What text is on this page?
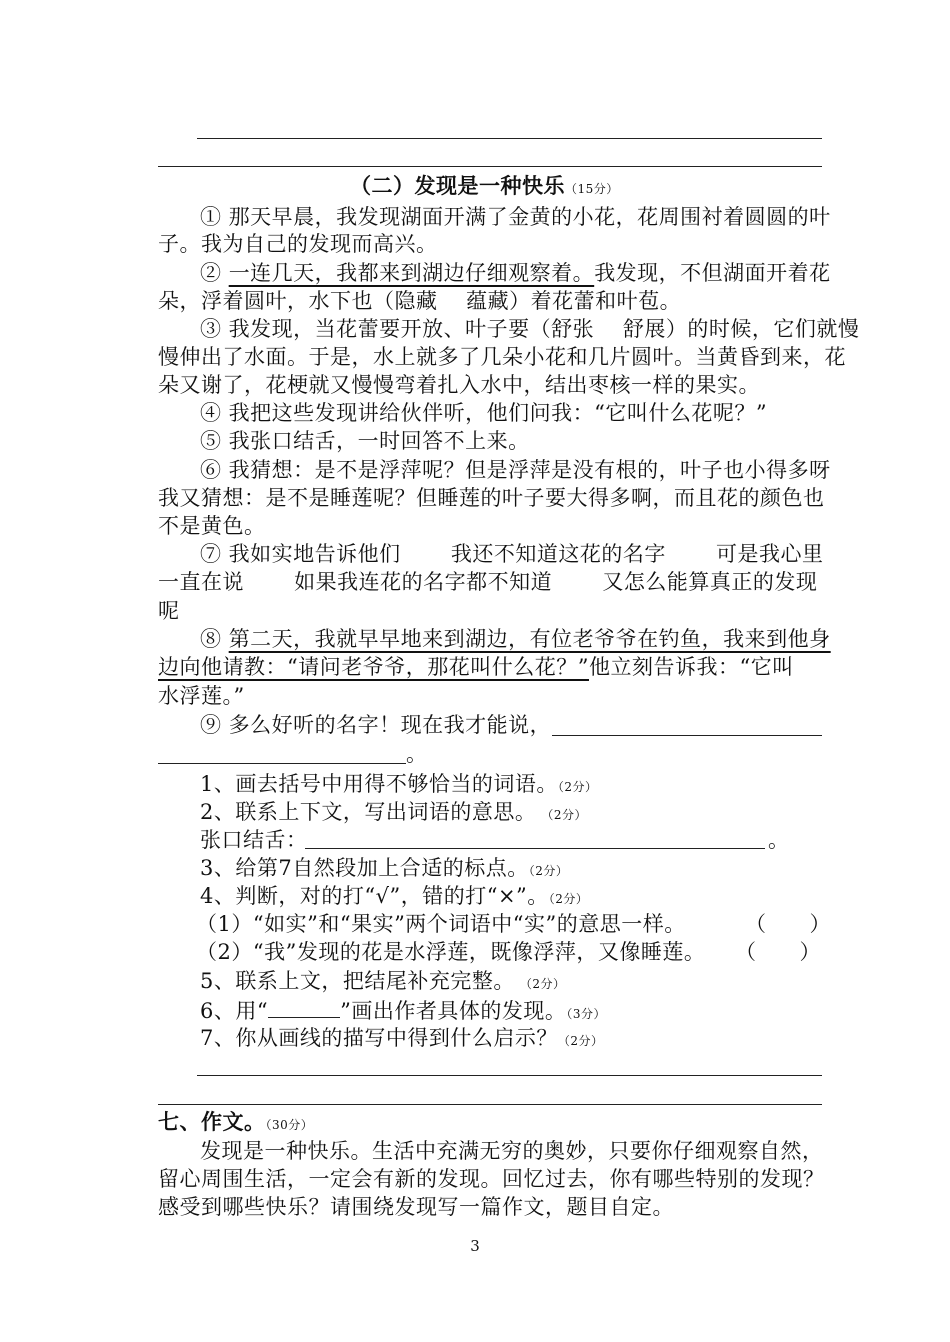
（二）发现是一种快乐（15分）
① 那天早晨，我发现湖面开满了金黄的小花，花周围衬着圆圆的叶
子。我为自己的发现而高兴。
② 一连几天，我都来到湖边仔细观察着。我发现，不但湖面开着花
朵，浮着圆叶，水下也（隐藏　 蕴藏）着花蕾和叶苞。
③ 我发现，当花蕾要开放、叶子要（舒张　 舒展）的时候，它们就慢
慢伸出了水面。于是，水上就多了几朵小花和几片圆叶。当黄昏到来，花
朵又谢了，花梗就又慢慢弯着扎入水中，结出枣核一样的果实。
④ 我把这些发现讲给伙伴听，他们问我：“它叫什么花呢？”
⑤ 我张口结舌，一时回答不上来。
⑥ 我猜想：是不是浮萍呢？但是浮萍是没有根的，叶子也小得多呀
我又猜想：是不是睡莲呢？但睡莲的叶子要大得多啊，而且花的颜色也
不是黄色。
⑦ 我如实地告诉他们　　 我还不知道这花的名字　　 可是我心里
一直在说　　 如果我连花的名字都不知道　　 又怎么能算真正的发现
呢
⑧ 第二天，我就早早地来到湖边，有位老爷爷在钓鱼，我来到他身
边向他请教：“请问老爷爷，那花叫什么花？”他立刻告诉我：“它叫
水浮莲。”
⑨ 多么好听的名字！现在我才能说，
。
1、画去括号中用得不够恰当的词语。（2分）
2、联系上下文，写出词语的意思。　 （2分）
张口结舌：	。
3、给第7自然段加上合适的标点。（2分）
4、判断，对的打“√”，错的打“×”。（2分）
（1）“如实”和“果实”两个词语中“实”的意思一样。	（　　）
（2）“我”发现的花是水浮莲，既像浮萍，又像睡莲。 （　　）
5、联系上文，把结尾补充完整。　 （2分）
6、用“	”画出作者具体的发现。（3分）
7、你从画线的描写中得到什么启示？（2分）
七、作文。（30分）
发现是一种快乐。生活中充满无穷的奥妙，只要你仔细观察自然，
留心周围生活，一定会有新的发现。回忆过去，你有哪些特别的发现？
感受到哪些快乐？请围绕发现写一篇作文，题目自定。
3
